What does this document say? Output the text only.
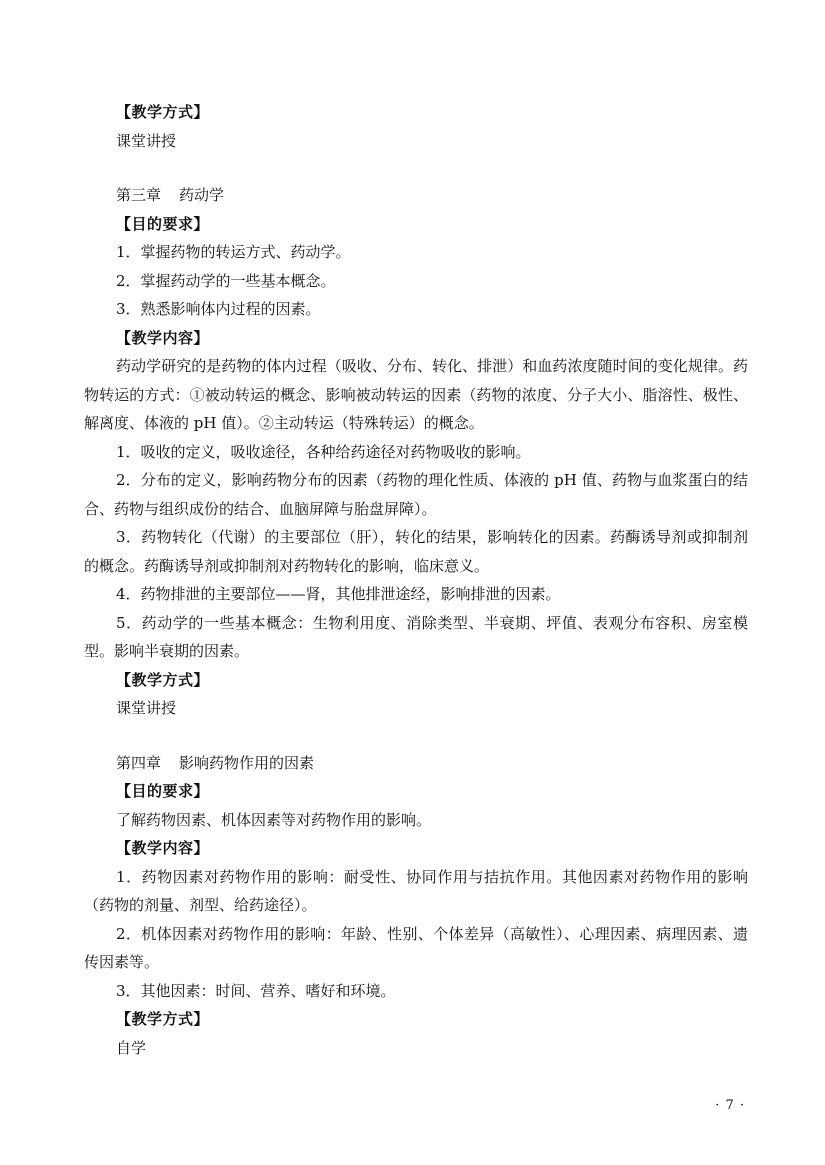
【教学方式】

课堂讲授

第三章 药动学

【目的要求】

1．掌握药物的转运方式、药动学。

2．掌握药动学的一些基本概念。

3．熟悉影响体内过程的因素。

【教学内容】

药动学研究的是药物的体内过程（吸收、分布、转化、排泄）和血药浓度随时间的变化规律。药物转运的方式：①被动转运的概念、影响被动转运的因素（药物的浓度、分子大小、脂溶性、极性、解离度、体液的 pH 值）。②主动转运（特殊转运）的概念。

1．吸收的定义，吸收途径，各种给药途径对药物吸收的影响。

2．分布的定义，影响药物分布的因素（药物的理化性质、体液的 pH 值、药物与血浆蛋白的结合、药物与组织成份的结合、血脑屏障与胎盘屏障）。

3．药物转化（代谢）的主要部位（肝），转化的结果，影响转化的因素。药酶诱导剂或抑制剂的概念。药酶诱导剂或抑制剂对药物转化的影响，临床意义。

4．药物排泄的主要部位——肾，其他排泄途经，影响排泄的因素。

5．药动学的一些基本概念：生物利用度、消除类型、半衰期、坪值、表观分布容积、房室模型。影响半衰期的因素。

【教学方式】

课堂讲授

第四章 影响药物作用的因素

【目的要求】

了解药物因素、机体因素等对药物作用的影响。

【教学内容】

1．药物因素对药物作用的影响：耐受性、协同作用与拮抗作用。其他因素对药物作用的影响（药物的剂量、剂型、给药途径）。

2．机体因素对药物作用的影响：年龄、性别、个体差异（高敏性）、心理因素、病理因素、遗传因素等。

3．其他因素：时间、营养、嗜好和环境。

【教学方式】

自学

· 7 ·
